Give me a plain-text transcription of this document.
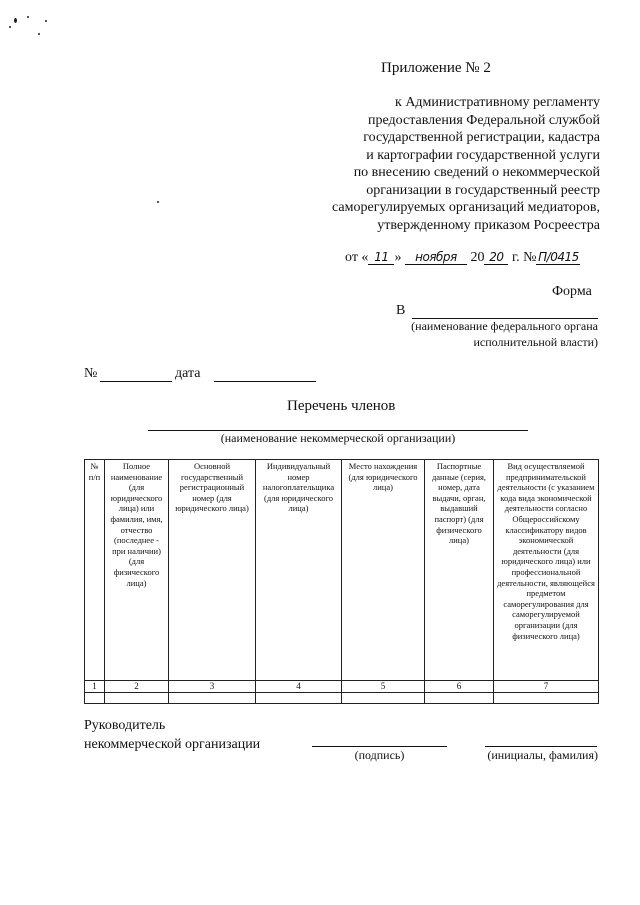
Приложение № 2
к Административному регламенту
предоставления Федеральной службой
государственной регистрации, кадастра
и картографии государственной услуги
по внесению сведений о некоммерческой
организации в государственный реестр
саморегулируемых организаций медиаторов,
утвержденному приказом Росреестра
от « 11 » ноября 20 20 г. № П/0415
Форма
В
(наименование федерального органа
исполнительной власти)
№	дата
Перечень членов
(наименование некоммерческой организации)
№ п/п	Полное наименование (для юридического лица) или фамилия, имя, отчество (последнее - при наличии) (для физического лица)	Основной государственный регистрационный номер (для юридического лица)	Индивидуальный номер налогоплательщика (для юридического лица)	Место нахождения (для юридического лица)	Паспортные данные (серия, номер, дата выдачи, орган, выдавший паспорт) (для физического лица)	Вид осуществляемой предпринимательской деятельности (с указанием кода вида экономической деятельности согласно Общероссийскому классификатору видов экономической деятельности (для юридического лица) или профессиональной деятельности, являющейся предметом саморегулирования для саморегулируемой организации (для физического лица)
1	2	3	4	5	6	7

Руководитель
некоммерческой организации
(подпись)	(инициалы, фамилия)
